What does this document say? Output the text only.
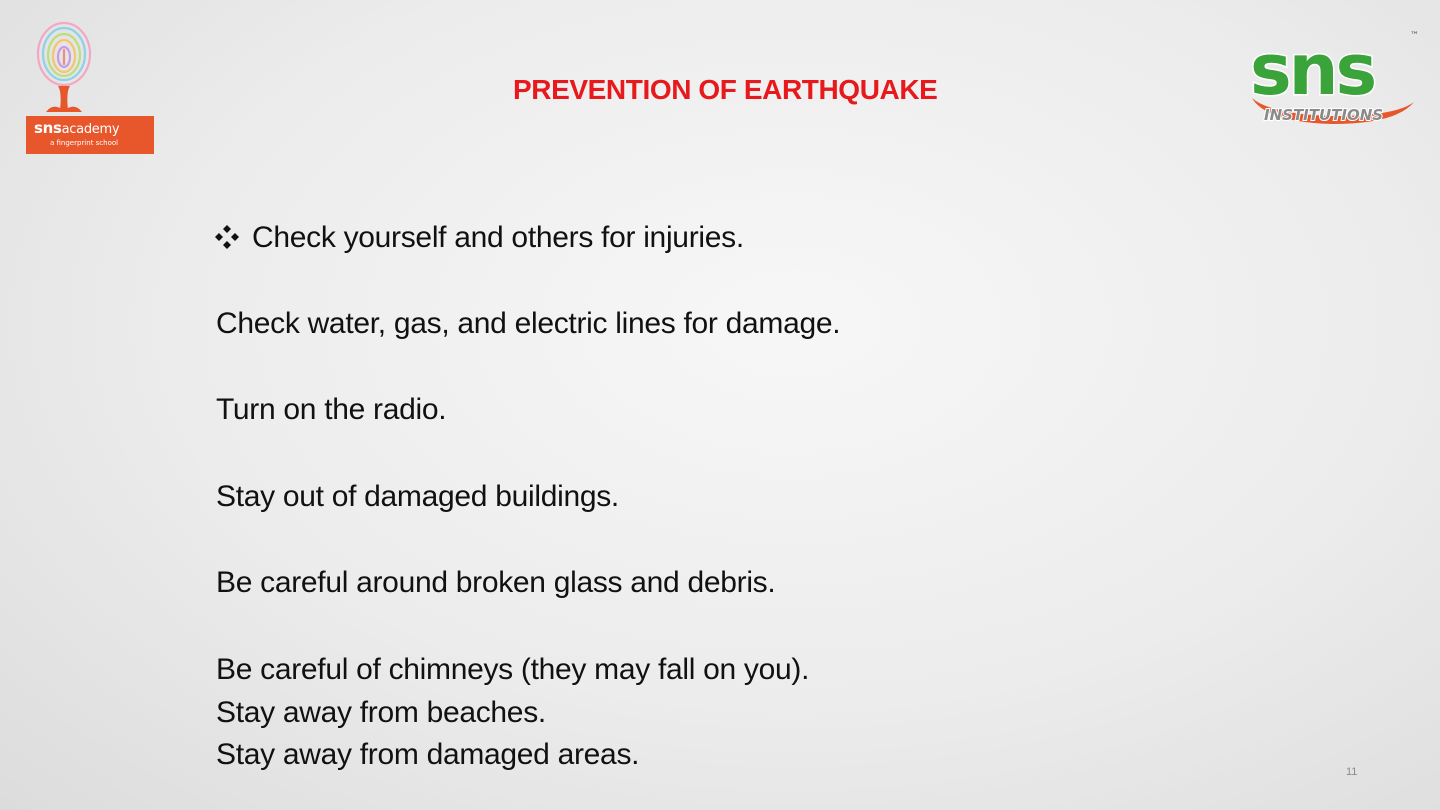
snsacademy
a fingerprint school
sns
INSTITUTIONS
™
PREVENTION OF EARTHQUAKE

Check yourself and others for injuries.

Check water, gas, and electric lines for damage.

Turn on the radio.

Stay out of damaged buildings.

Be careful around broken glass and debris.

Be careful of chimneys (they may fall on you).

Stay away from beaches.

Stay away from damaged areas.

11
